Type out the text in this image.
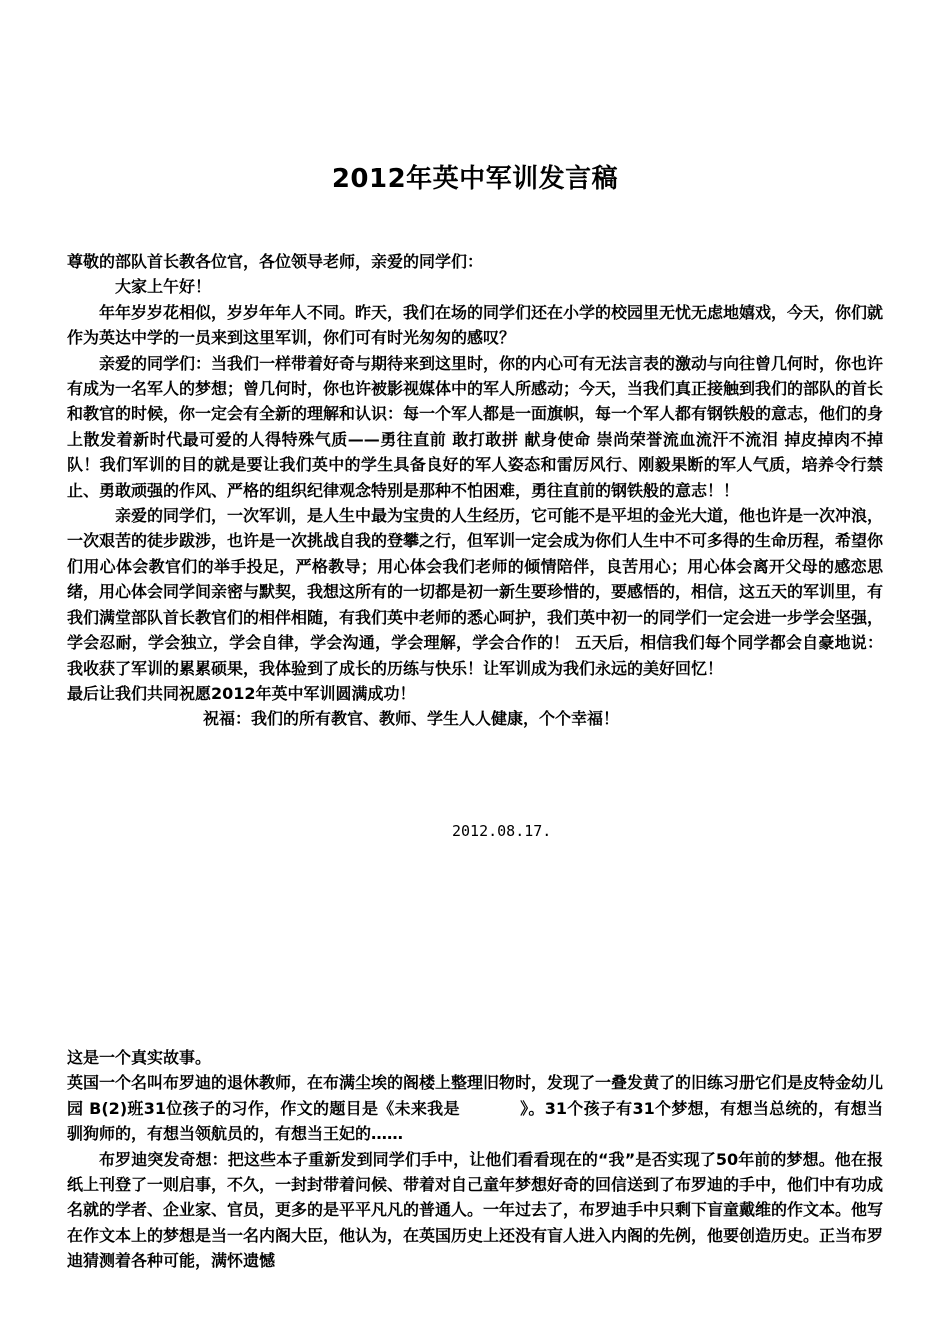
2012年英中军训发言稿

尊敬的部队首长教各位官，各位领导老师，亲爱的同学们：

大家上午好！

年年岁岁花相似，岁岁年年人不同。昨天，我们在场的同学们还在小学的校园里无忧无虑地嬉戏，今天，你们就作为英达中学的一员来到这里军训，你们可有时光匆匆的感叹？

亲爱的同学们：当我们一样带着好奇与期待来到这里时，你的内心可有无法言表的激动与向往曾几何时，你也许有成为一名军人的梦想；曾几何时，你也许被影视媒体中的军人所感动；今天，当我们真正接触到我们的部队的首长和教官的时候，你一定会有全新的理解和认识：每一个军人都是一面旗帜，每一个军人都有钢铁般的意志，他们的身上散发着新时代最可爱的人得特殊气质——勇往直前 敢打敢拼 献身使命 崇尚荣誉流血流汗不流泪 掉皮掉肉不掉队！我们军训的目的就是要让我们英中的学生具备良好的军人姿态和雷厉风行、刚毅果断的军人气质，培养令行禁止、勇敢顽强的作风、严格的组织纪律观念特别是那种不怕困难，勇往直前的钢铁般的意志！！

亲爱的同学们，一次军训，是人生中最为宝贵的人生经历，它可能不是平坦的金光大道，他也许是一次冲浪，一次艰苦的徒步跋涉，也许是一次挑战自我的登攀之行，但军训一定会成为你们人生中不可多得的生命历程，希望你们用心体会教官们的举手投足，严格教导；用心体会我们老师的倾情陪伴，良苦用心；用心体会离开父母的感恋思绪，用心体会同学间亲密与默契，我想这所有的一切都是初一新生要珍惜的，要感悟的，相信，这五天的军训里，有我们满堂部队首长教官们的相伴相随，有我们英中老师的悉心呵护，我们英中初一的同学们一定会进一步学会坚强，学会忍耐，学会独立，学会自律，学会沟通，学会理解，学会合作的！ 五天后，相信我们每个同学都会自豪地说：我收获了军训的累累硕果，我体验到了成长的历练与快乐！让军训成为我们永远的美好回忆！

最后让我们共同祝愿2012年英中军训圆满成功！

祝福：我们的所有教官、教师、学生人人健康，个个幸福！

2012.08.17.

这是一个真实故事。

英国一个名叫布罗迪的退休教师，在布满尘埃的阁楼上整理旧物时，发现了一叠发黄了的旧练习册它们是皮特金幼儿园 B(2)班31位孩子的习作，作文的题目是《未来我是	》。31个孩子有31个梦想，有想当总统的，有想当驯狗师的，有想当领航员的，有想当王妃的……

布罗迪突发奇想：把这些本子重新发到同学们手中，让他们看看现在的“我”是否实现了50年前的梦想。他在报纸上刊登了一则启事，不久，一封封带着问候、带着对自己童年梦想好奇的回信送到了布罗迪的手中，他们中有功成名就的学者、企业家、官员，更多的是平平凡凡的普通人。一年过去了，布罗迪手中只剩下盲童戴维的作文本。他写在作文本上的梦想是当一名内阁大臣，他认为，在英国历史上还没有盲人进入内阁的先例，他要创造历史。正当布罗迪猜测着各种可能，满怀遗憾
